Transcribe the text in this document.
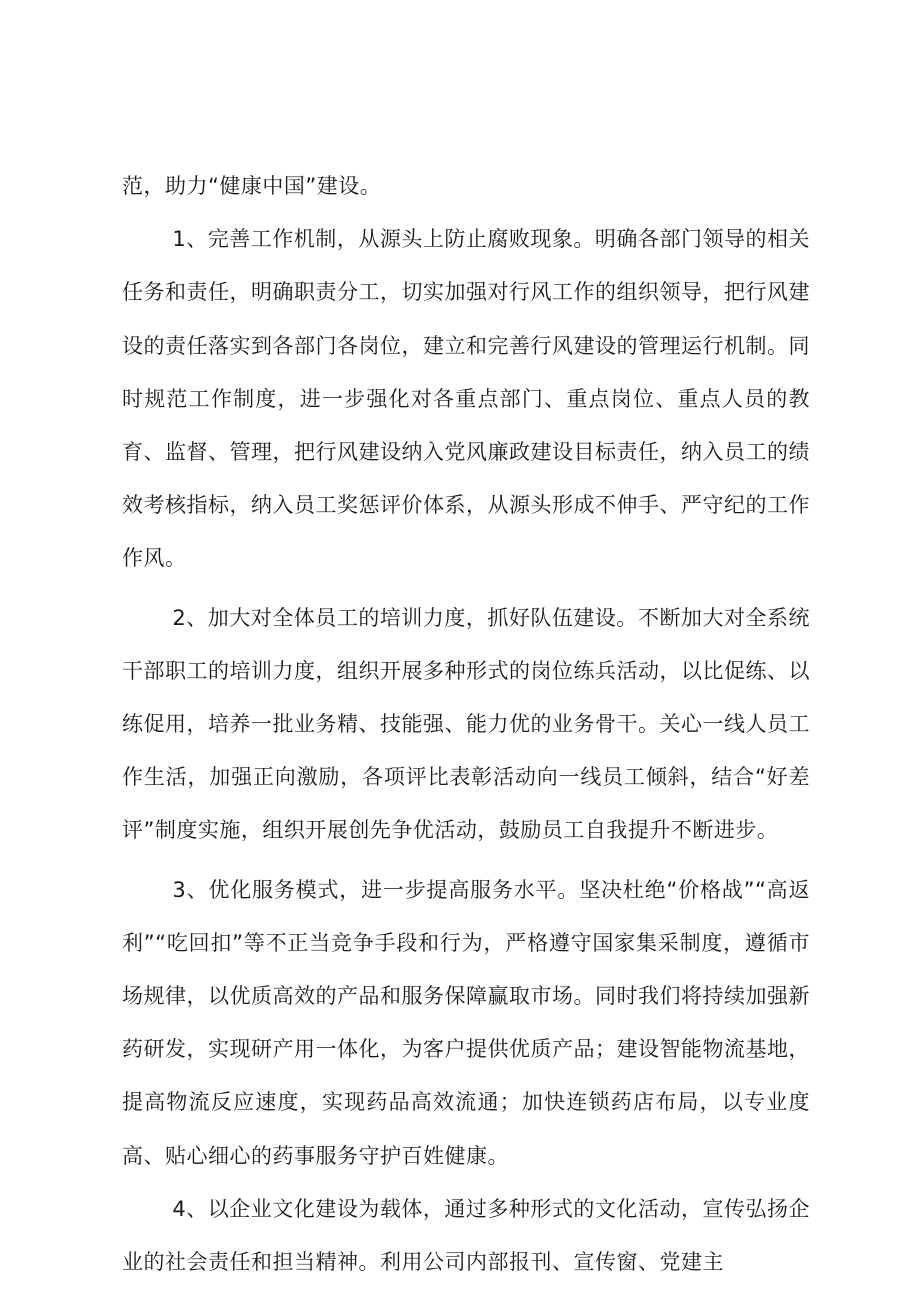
范，助力“健康中国”建设。

1、完善工作机制，从源头上防止腐败现象。明确各部门领导的相关任务和责任，明确职责分工，切实加强对行风工作的组织领导，把行风建设的责任落实到各部门各岗位，建立和完善行风建设的管理运行机制。同时规范工作制度，进一步强化对各重点部门、重点岗位、重点人员的教育、监督、管理，把行风建设纳入党风廉政建设目标责任，纳入员工的绩效考核指标，纳入员工奖惩评价体系，从源头形成不伸手、严守纪的工作作风。

2、加大对全体员工的培训力度，抓好队伍建设。不断加大对全系统干部职工的培训力度，组织开展多种形式的岗位练兵活动，以比促练、以练促用，培养一批业务精、技能强、能力优的业务骨干。关心一线人员工作生活，加强正向激励，各项评比表彰活动向一线员工倾斜，结合“好差评”制度实施，组织开展创先争优活动，鼓励员工自我提升不断进步。

3、优化服务模式，进一步提高服务水平。坚决杜绝“价格战”“高返利”“吃回扣”等不正当竞争手段和行为，严格遵守国家集采制度，遵循市场规律，以优质高效的产品和服务保障赢取市场。同时我们将持续加强新药研发，实现研产用一体化，为客户提供优质产品；建设智能物流基地，提高物流反应速度，实现药品高效流通；加快连锁药店布局，以专业度高、贴心细心的药事服务守护百姓健康。

4、以企业文化建设为载体，通过多种形式的文化活动，宣传弘扬企业的社会责任和担当精神。利用公司内部报刊、宣传窗、党建主
